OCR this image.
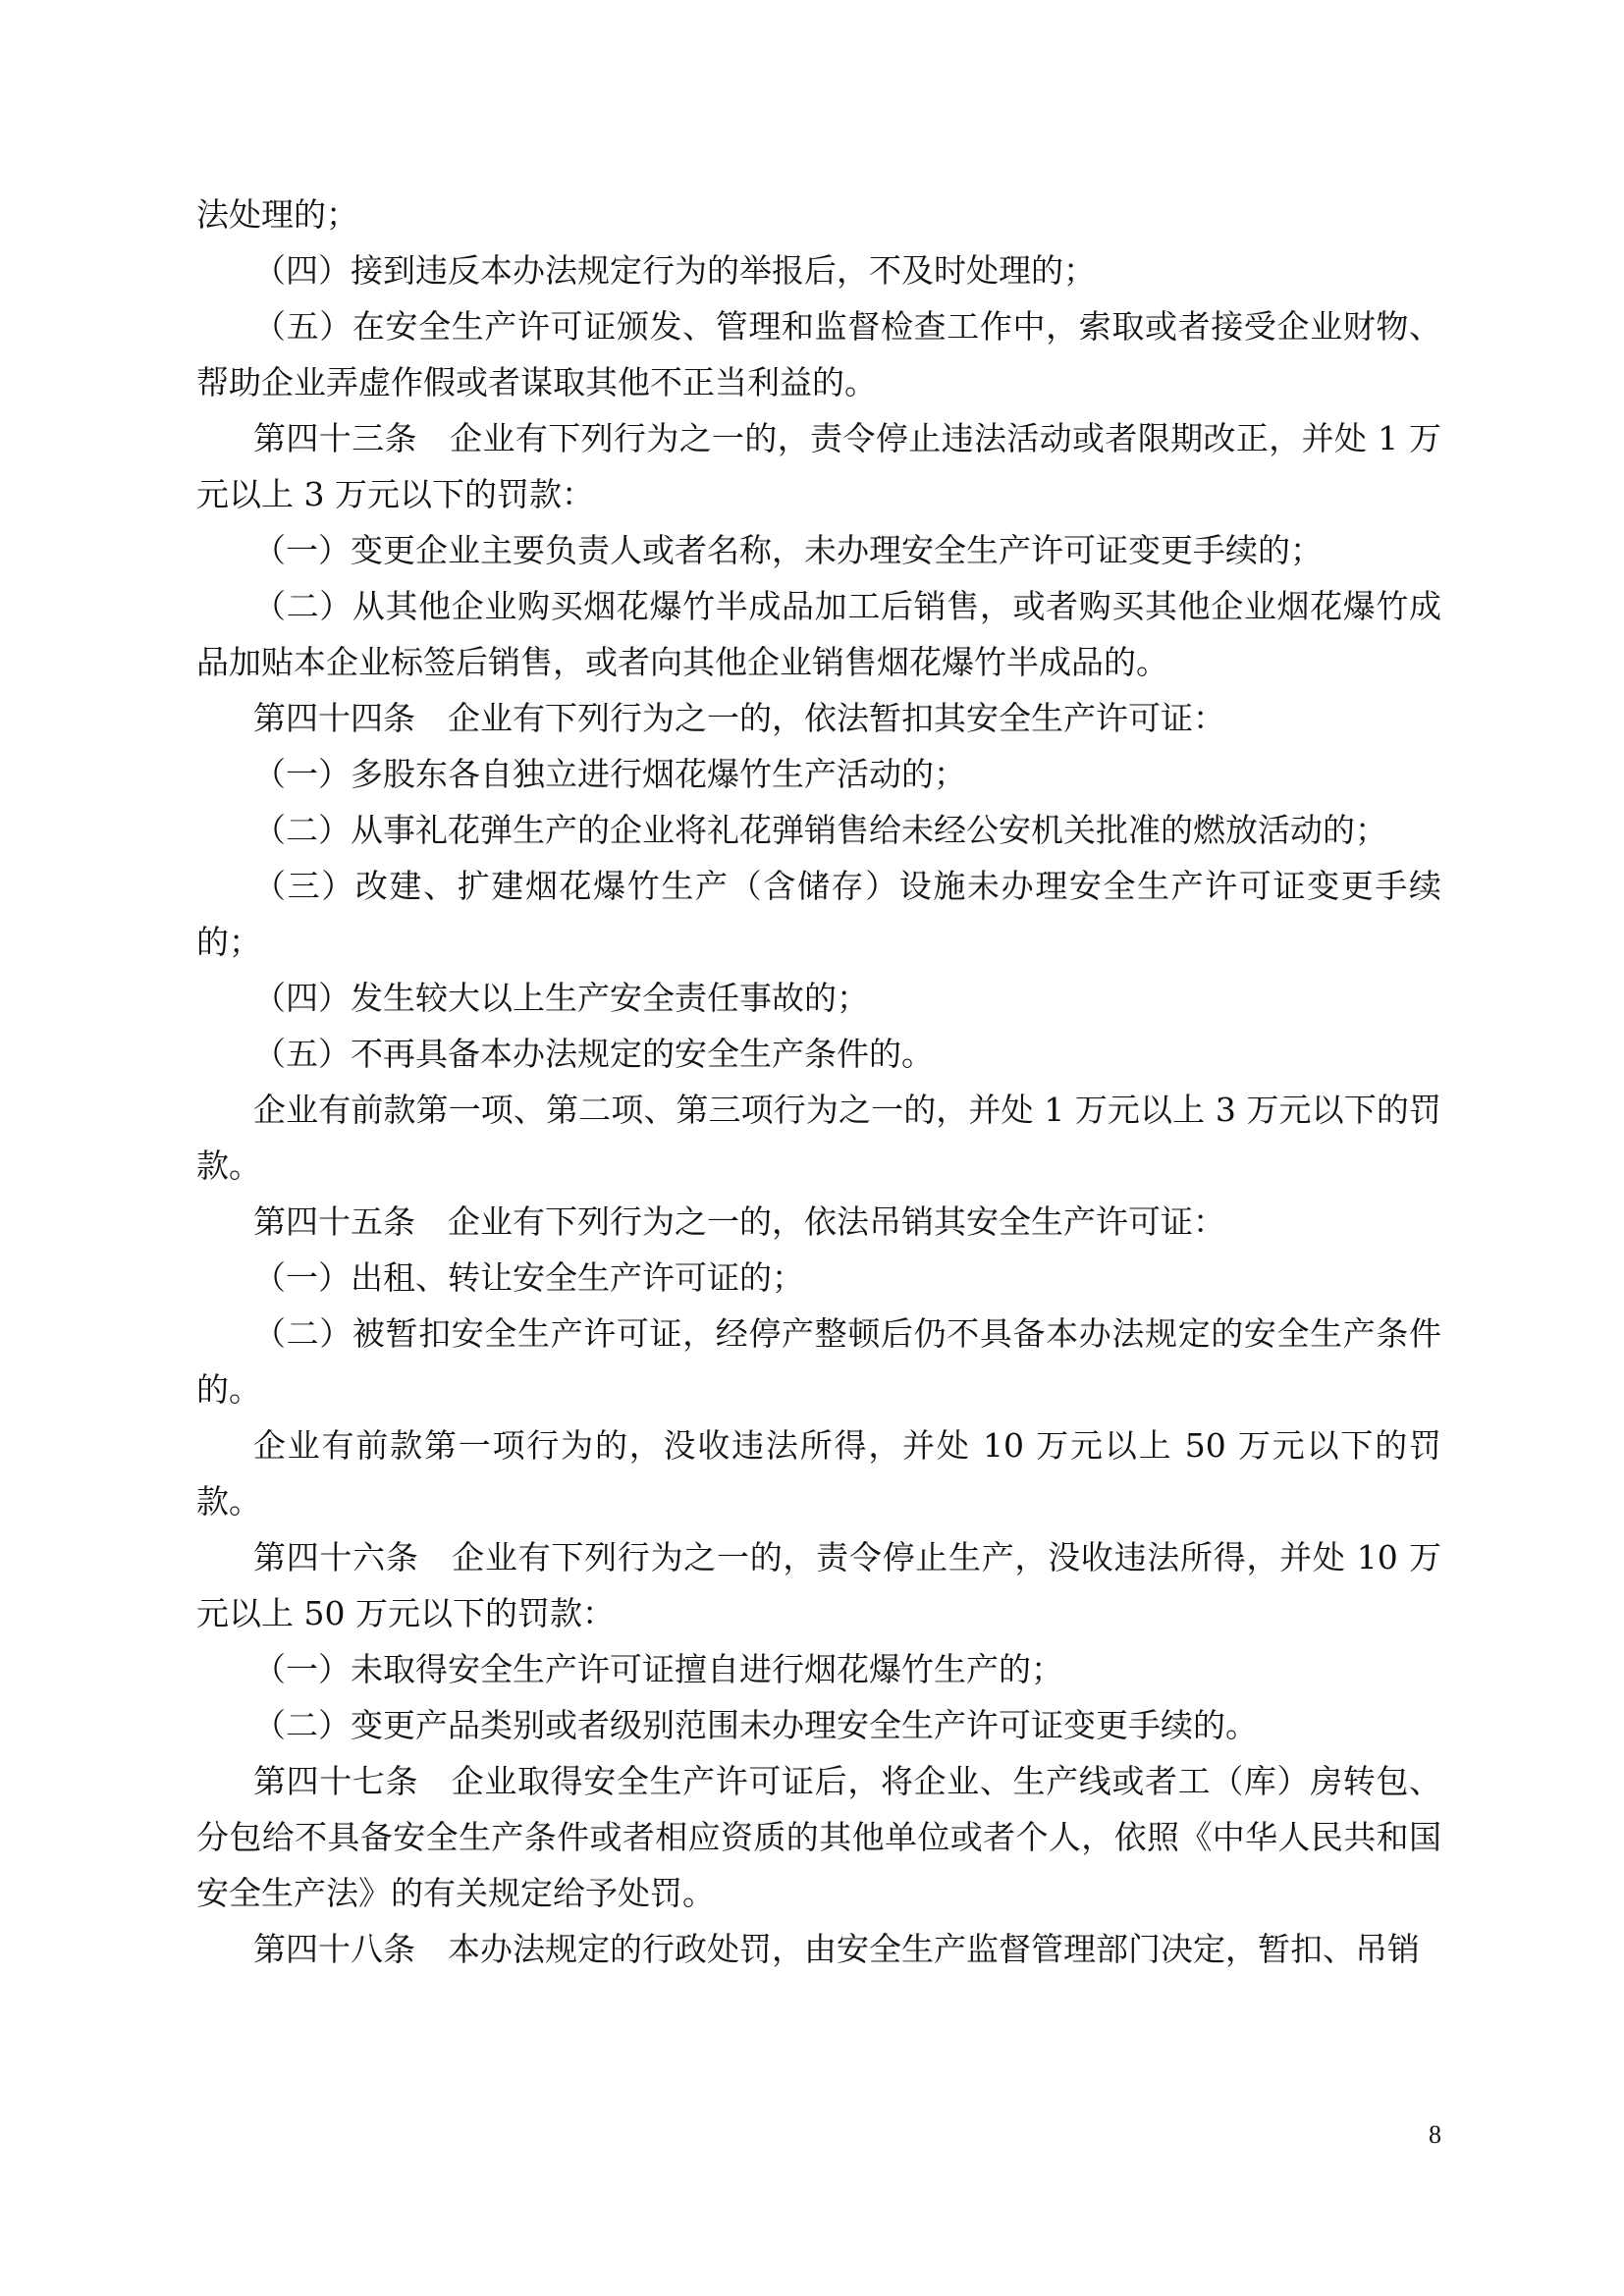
法处理的；

（四）接到违反本办法规定行为的举报后，不及时处理的；

（五）在安全生产许可证颁发、管理和监督检查工作中，索取或者接受企业财物、帮助企业弄虚作假或者谋取其他不正当利益的。

第四十三条　企业有下列行为之一的，责令停止违法活动或者限期改正，并处 1 万元以上 3 万元以下的罚款：

（一）变更企业主要负责人或者名称，未办理安全生产许可证变更手续的；

（二）从其他企业购买烟花爆竹半成品加工后销售，或者购买其他企业烟花爆竹成品加贴本企业标签后销售，或者向其他企业销售烟花爆竹半成品的。

第四十四条　企业有下列行为之一的，依法暂扣其安全生产许可证：

（一）多股东各自独立进行烟花爆竹生产活动的；

（二）从事礼花弹生产的企业将礼花弹销售给未经公安机关批准的燃放活动的；

（三）改建、扩建烟花爆竹生产（含储存）设施未办理安全生产许可证变更手续的；

（四）发生较大以上生产安全责任事故的；

（五）不再具备本办法规定的安全生产条件的。

企业有前款第一项、第二项、第三项行为之一的，并处 1 万元以上 3 万元以下的罚款。

第四十五条　企业有下列行为之一的，依法吊销其安全生产许可证：

（一）出租、转让安全生产许可证的；

（二）被暂扣安全生产许可证，经停产整顿后仍不具备本办法规定的安全生产条件的。

企业有前款第一项行为的，没收违法所得，并处 10 万元以上 50 万元以下的罚款。

第四十六条　企业有下列行为之一的，责令停止生产，没收违法所得，并处 10 万元以上 50 万元以下的罚款：

（一）未取得安全生产许可证擅自进行烟花爆竹生产的；

（二）变更产品类别或者级别范围未办理安全生产许可证变更手续的。

第四十七条　企业取得安全生产许可证后，将企业、生产线或者工（库）房转包、分包给不具备安全生产条件或者相应资质的其他单位或者个人，依照《中华人民共和国安全生产法》的有关规定给予处罚。

第四十八条　本办法规定的行政处罚，由安全生产监督管理部门决定，暂扣、吊销

8
